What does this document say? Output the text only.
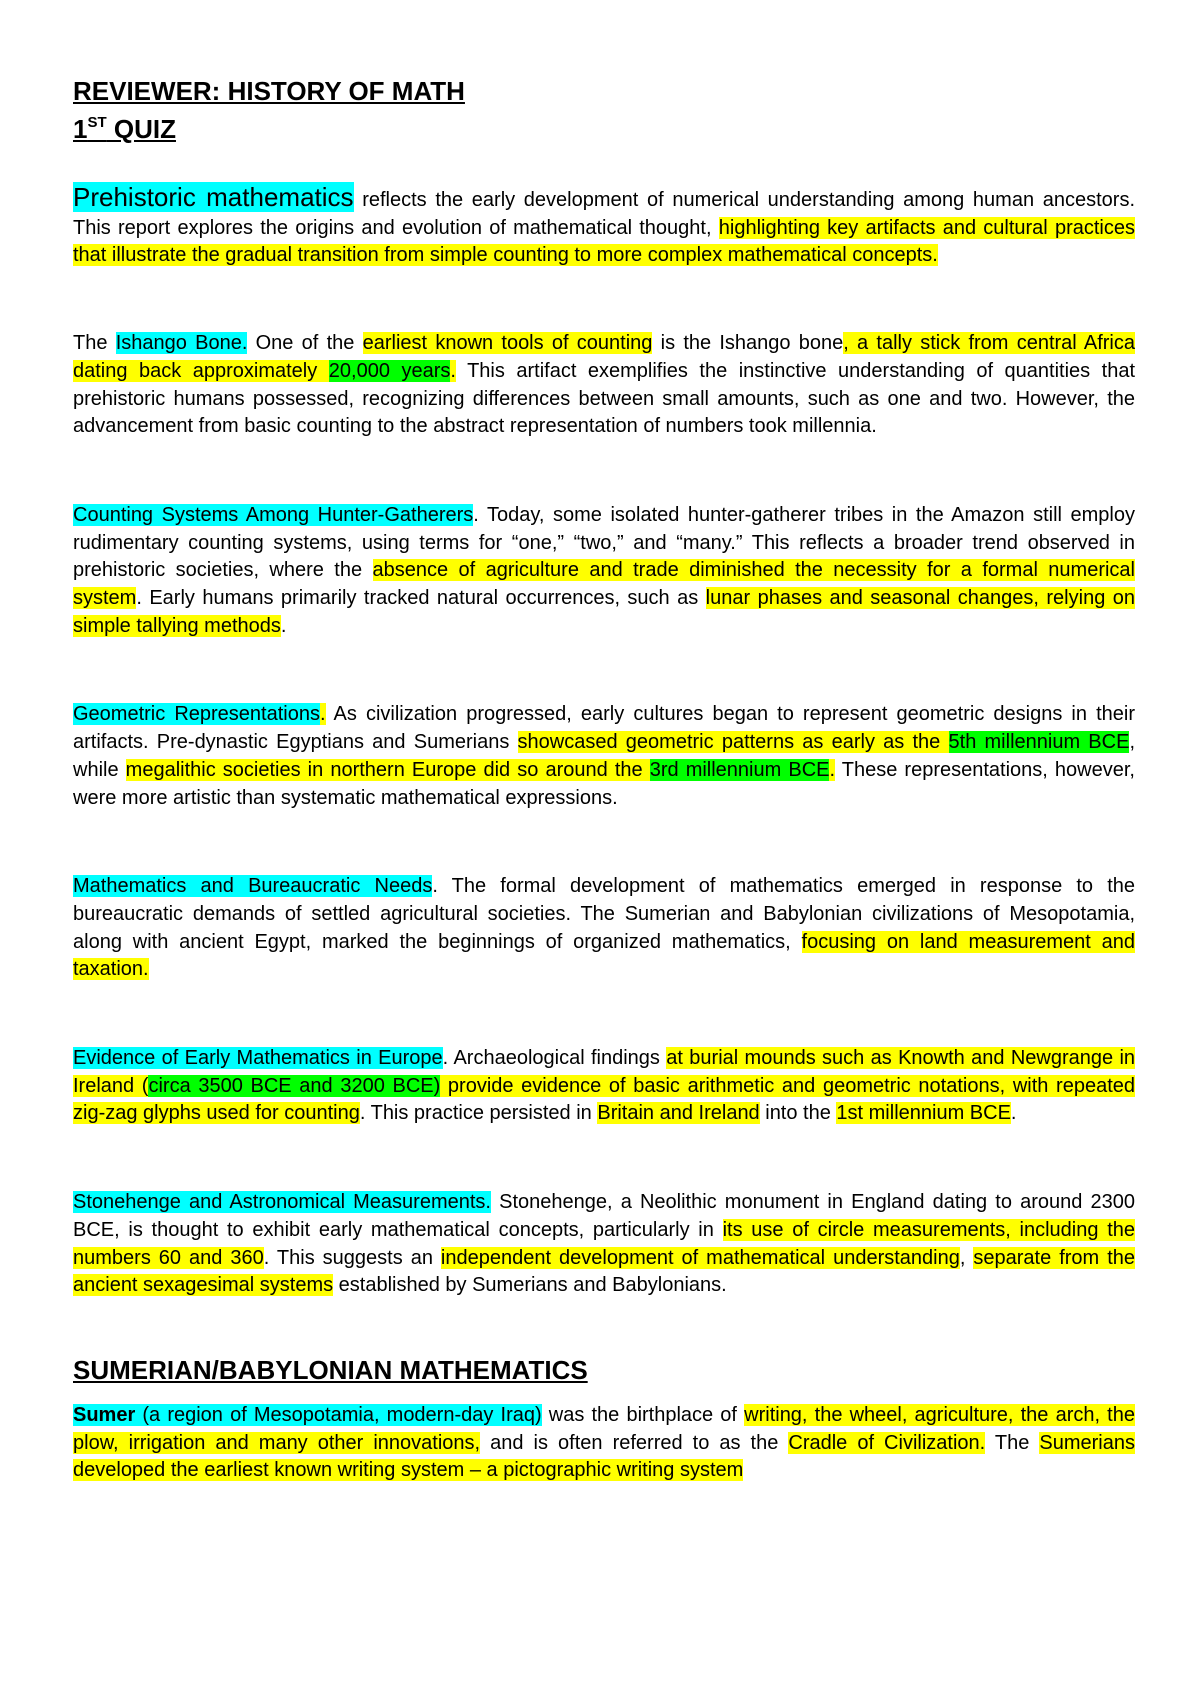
REVIEWER: HISTORY OF MATH
1ST QUIZ

Prehistoric mathematics reflects the early development of numerical understanding among human ancestors. This report explores the origins and evolution of mathematical thought, highlighting key artifacts and cultural practices that illustrate the gradual transition from simple counting to more complex mathematical concepts.

The Ishango Bone. One of the earliest known tools of counting is the Ishango bone, a tally stick from central Africa dating back approximately 20,000 years. This artifact exemplifies the instinctive understanding of quantities that prehistoric humans possessed, recognizing differences between small amounts, such as one and two. However, the advancement from basic counting to the abstract representation of numbers took millennia.

Counting Systems Among Hunter-Gatherers. Today, some isolated hunter-gatherer tribes in the Amazon still employ rudimentary counting systems, using terms for “one,” “two,” and “many.” This reflects a broader trend observed in prehistoric societies, where the absence of agriculture and trade diminished the necessity for a formal numerical system. Early humans primarily tracked natural occurrences, such as lunar phases and seasonal changes, relying on simple tallying methods.

Geometric Representations. As civilization progressed, early cultures began to represent geometric designs in their artifacts. Pre-dynastic Egyptians and Sumerians showcased geometric patterns as early as the 5th millennium BCE, while megalithic societies in northern Europe did so around the 3rd millennium BCE. These representations, however, were more artistic than systematic mathematical expressions.

Mathematics and Bureaucratic Needs. The formal development of mathematics emerged in response to the bureaucratic demands of settled agricultural societies. The Sumerian and Babylonian civilizations of Mesopotamia, along with ancient Egypt, marked the beginnings of organized mathematics, focusing on land measurement and taxation.

Evidence of Early Mathematics in Europe. Archaeological findings at burial mounds such as Knowth and Newgrange in Ireland (circa 3500 BCE and 3200 BCE) provide evidence of basic arithmetic and geometric notations, with repeated zig-zag glyphs used for counting. This practice persisted in Britain and Ireland into the 1st millennium BCE.

Stonehenge and Astronomical Measurements. Stonehenge, a Neolithic monument in England dating to around 2300 BCE, is thought to exhibit early mathematical concepts, particularly in its use of circle measurements, including the numbers 60 and 360. This suggests an independent development of mathematical understanding, separate from the ancient sexagesimal systems established by Sumerians and Babylonians.

SUMERIAN/BABYLONIAN MATHEMATICS

Sumer (a region of Mesopotamia, modern-day Iraq) was the birthplace of writing, the wheel, agriculture, the arch, the plow, irrigation and many other innovations, and is often referred to as the Cradle of Civilization. The Sumerians developed the earliest known writing system – a pictographic writing system
